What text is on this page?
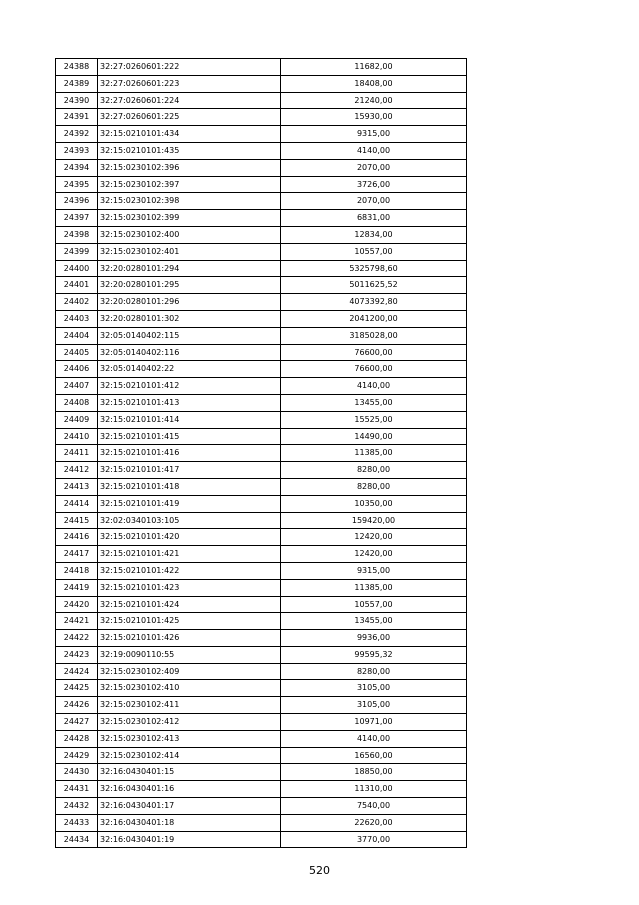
24388	32:27:0260601:222	11682,00
24389	32:27:0260601:223	18408,00
24390	32:27:0260601:224	21240,00
24391	32:27:0260601:225	15930,00
24392	32:15:0210101:434	9315,00
24393	32:15:0210101:435	4140,00
24394	32:15:0230102:396	2070,00
24395	32:15:0230102:397	3726,00
24396	32:15:0230102:398	2070,00
24397	32:15:0230102:399	6831,00
24398	32:15:0230102:400	12834,00
24399	32:15:0230102:401	10557,00
24400	32:20:0280101:294	5325798,60
24401	32:20:0280101:295	5011625,52
24402	32:20:0280101:296	4073392,80
24403	32:20:0280101:302	2041200,00
24404	32:05:0140402:115	3185028,00
24405	32:05:0140402:116	76600,00
24406	32:05:0140402:22	76600,00
24407	32:15:0210101:412	4140,00
24408	32:15:0210101:413	13455,00
24409	32:15:0210101:414	15525,00
24410	32:15:0210101:415	14490,00
24411	32:15:0210101:416	11385,00
24412	32:15:0210101:417	8280,00
24413	32:15:0210101:418	8280,00
24414	32:15:0210101:419	10350,00
24415	32:02:0340103:105	159420,00
24416	32:15:0210101:420	12420,00
24417	32:15:0210101:421	12420,00
24418	32:15:0210101:422	9315,00
24419	32:15:0210101:423	11385,00
24420	32:15:0210101:424	10557,00
24421	32:15:0210101:425	13455,00
24422	32:15:0210101:426	9936,00
24423	32:19:0090110:55	99595,32
24424	32:15:0230102:409	8280,00
24425	32:15:0230102:410	3105,00
24426	32:15:0230102:411	3105,00
24427	32:15:0230102:412	10971,00
24428	32:15:0230102:413	4140,00
24429	32:15:0230102:414	16560,00
24430	32:16:0430401:15	18850,00
24431	32:16:0430401:16	11310,00
24432	32:16:0430401:17	7540,00
24433	32:16:0430401:18	22620,00
24434	32:16:0430401:19	3770,00
520
